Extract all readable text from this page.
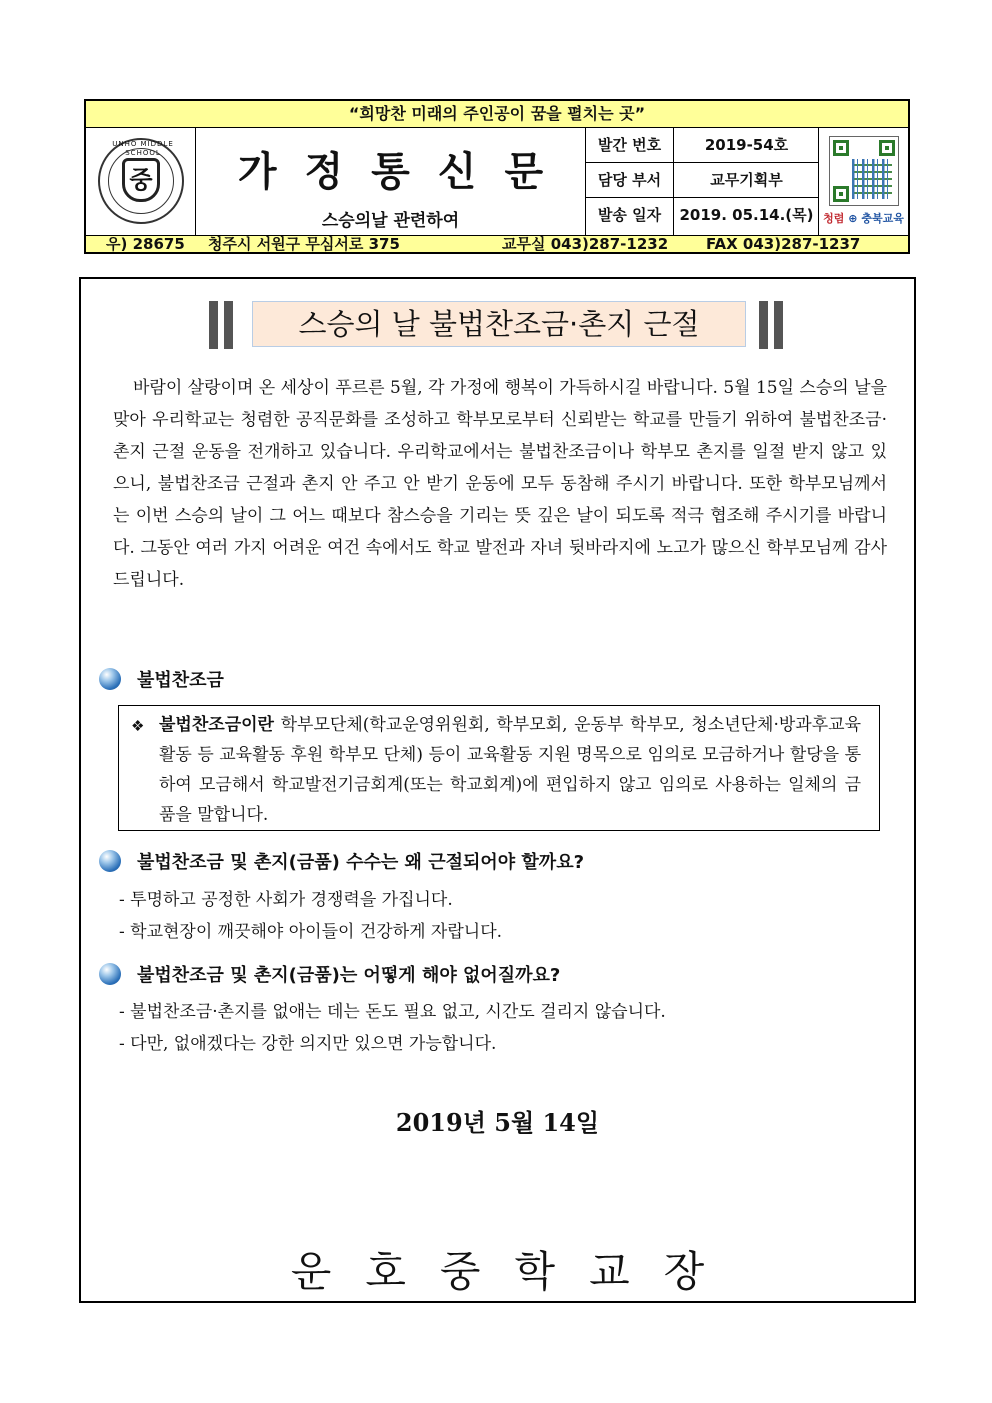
“희망찬 미래의 주인공이 꿈을 펼치는 곳”
UNHO MIDDLE SCHOOL
중	가정통신문
스승의날 관련하여
발간 번호	2019-54호
담당 부서	교무기획부
발송 일자	2019. 05.14.(목) 청렴 ⊕ 충북교육
우) 28675 청주시 서원구 무심서로 375	교무실 043)287-1232	FAX 043)287-1237
스승의 날 불법찬조금·촌지 근절
바람이 살랑이며 온 세상이 푸르른 5월, 각 가정에 행복이 가득하시길 바랍니다. 5월 15일 스승의 날을 맞아 우리학교는 청렴한 공직문화를 조성하고 학부모로부터 신뢰받는 학교를 만들기 위하여 불법찬조금·촌지 근절 운동을 전개하고 있습니다. 우리학교에서는 불법찬조금이나 학부모 촌지를 일절 받지 않고 있으니, 불법찬조금 근절과 촌지 안 주고 안 받기 운동에 모두 동참해 주시기 바랍니다. 또한 학부모님께서는 이번 스승의 날이 그 어느 때보다 참스승을 기리는 뜻 깊은 날이 되도록 적극 협조해 주시기를 바랍니다. 그동안 여러 가지 어려운 여건 속에서도 학교 발전과 자녀 뒷바라지에 노고가 많으신 학부모님께 감사드립니다.
불법찬조금
❖ 불법찬조금이란 학부모단체(학교운영위원회, 학부모회, 운동부 학부모, 청소년단체·방과후교육활동 등 교육활동 후원 학부모 단체) 등이 교육활동 지원 명목으로 임의로 모금하거나 할당을 통하여 모금해서 학교발전기금회계(또는 학교회계)에 편입하지 않고 임의로 사용하는 일체의 금품을 말합니다.
불법찬조금 및 촌지(금품) 수수는 왜 근절되어야 할까요?
- 투명하고 공정한 사회가 경쟁력을 가집니다.
- 학교현장이 깨끗해야 아이들이 건강하게 자랍니다.
불법찬조금 및 촌지(금품)는 어떻게 해야 없어질까요?
- 불법찬조금·촌지를 없애는 데는 돈도 필요 없고, 시간도 걸리지 않습니다.
- 다만, 없애겠다는 강한 의지만 있으면 가능합니다.
2019년 5월 14일
운호중학교장
